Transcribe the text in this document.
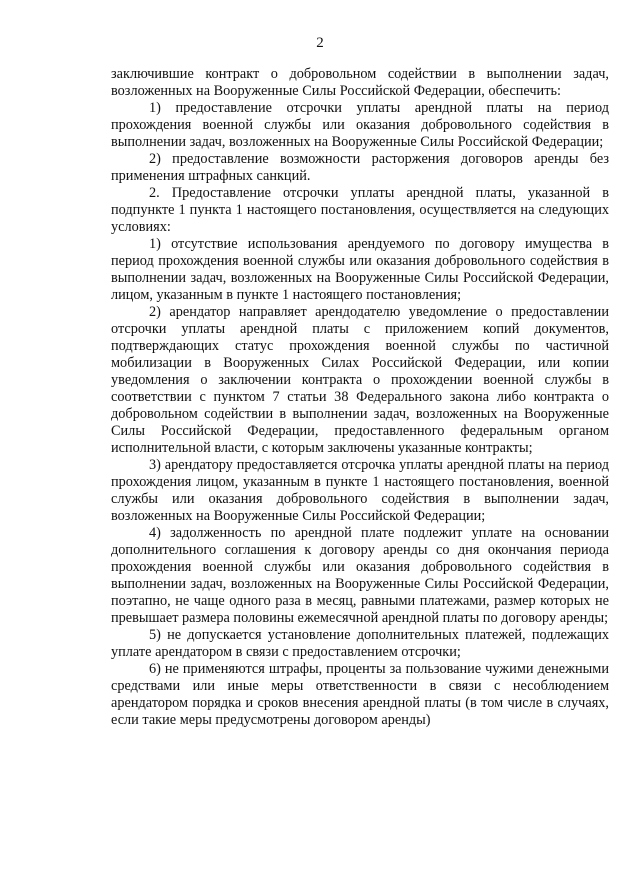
2

заключившие контракт о добровольном содействии в выполнении задач, возложенных на Вооруженные Силы Российской Федерации, обеспечить:

1) предоставление отсрочки уплаты арендной платы на период прохождения военной службы или оказания добровольного содействия в выполнении задач, возложенных на Вооруженные Силы Российской Федерации;

2) предоставление возможности расторжения договоров аренды без применения штрафных санкций.

2. Предоставление отсрочки уплаты арендной платы, указанной в подпункте 1 пункта 1 настоящего постановления, осуществляется на следующих условиях:

1) отсутствие использования арендуемого по договору имущества в период прохождения военной службы или оказания добровольного содействия в выполнении задач, возложенных на Вооруженные Силы Российской Федерации, лицом, указанным в пункте 1 настоящего постановления;

2) арендатор направляет арендодателю уведомление о предоставлении отсрочки уплаты арендной платы с приложением копий документов, подтверждающих статус прохождения военной службы по частичной мобилизации в Вооруженных Силах Российской Федерации, или копии уведомления о заключении контракта о прохождении военной службы в соответствии с пунктом 7 статьи 38 Федерального закона либо контракта о добровольном содействии в выполнении задач, возложенных на Вооруженные Силы Российской Федерации, предоставленного федеральным органом исполнительной власти, с которым заключены указанные контракты;

3) арендатору предоставляется отсрочка уплаты арендной платы на период прохождения лицом, указанным в пункте 1 настоящего постановления, военной службы или оказания добровольного содействия в выполнении задач, возложенных на Вооруженные Силы Российской Федерации;

4) задолженность по арендной плате подлежит уплате на основании дополнительного соглашения к договору аренды со дня окончания периода прохождения военной службы или оказания добровольного содействия в выполнении задач, возложенных на Вооруженные Силы Российской Федерации, поэтапно, не чаще одного раза в месяц, равными платежами, размер которых не превышает размера половины ежемесячной арендной платы по договору аренды;

5) не допускается установление дополнительных платежей, подлежащих уплате арендатором в связи с предоставлением отсрочки;

6) не применяются штрафы, проценты за пользование чужими денежными средствами или иные меры ответственности в связи с несоблюдением арендатором порядка и сроков внесения арендной платы (в том числе в случаях, если такие меры предусмотрены договором аренды)
